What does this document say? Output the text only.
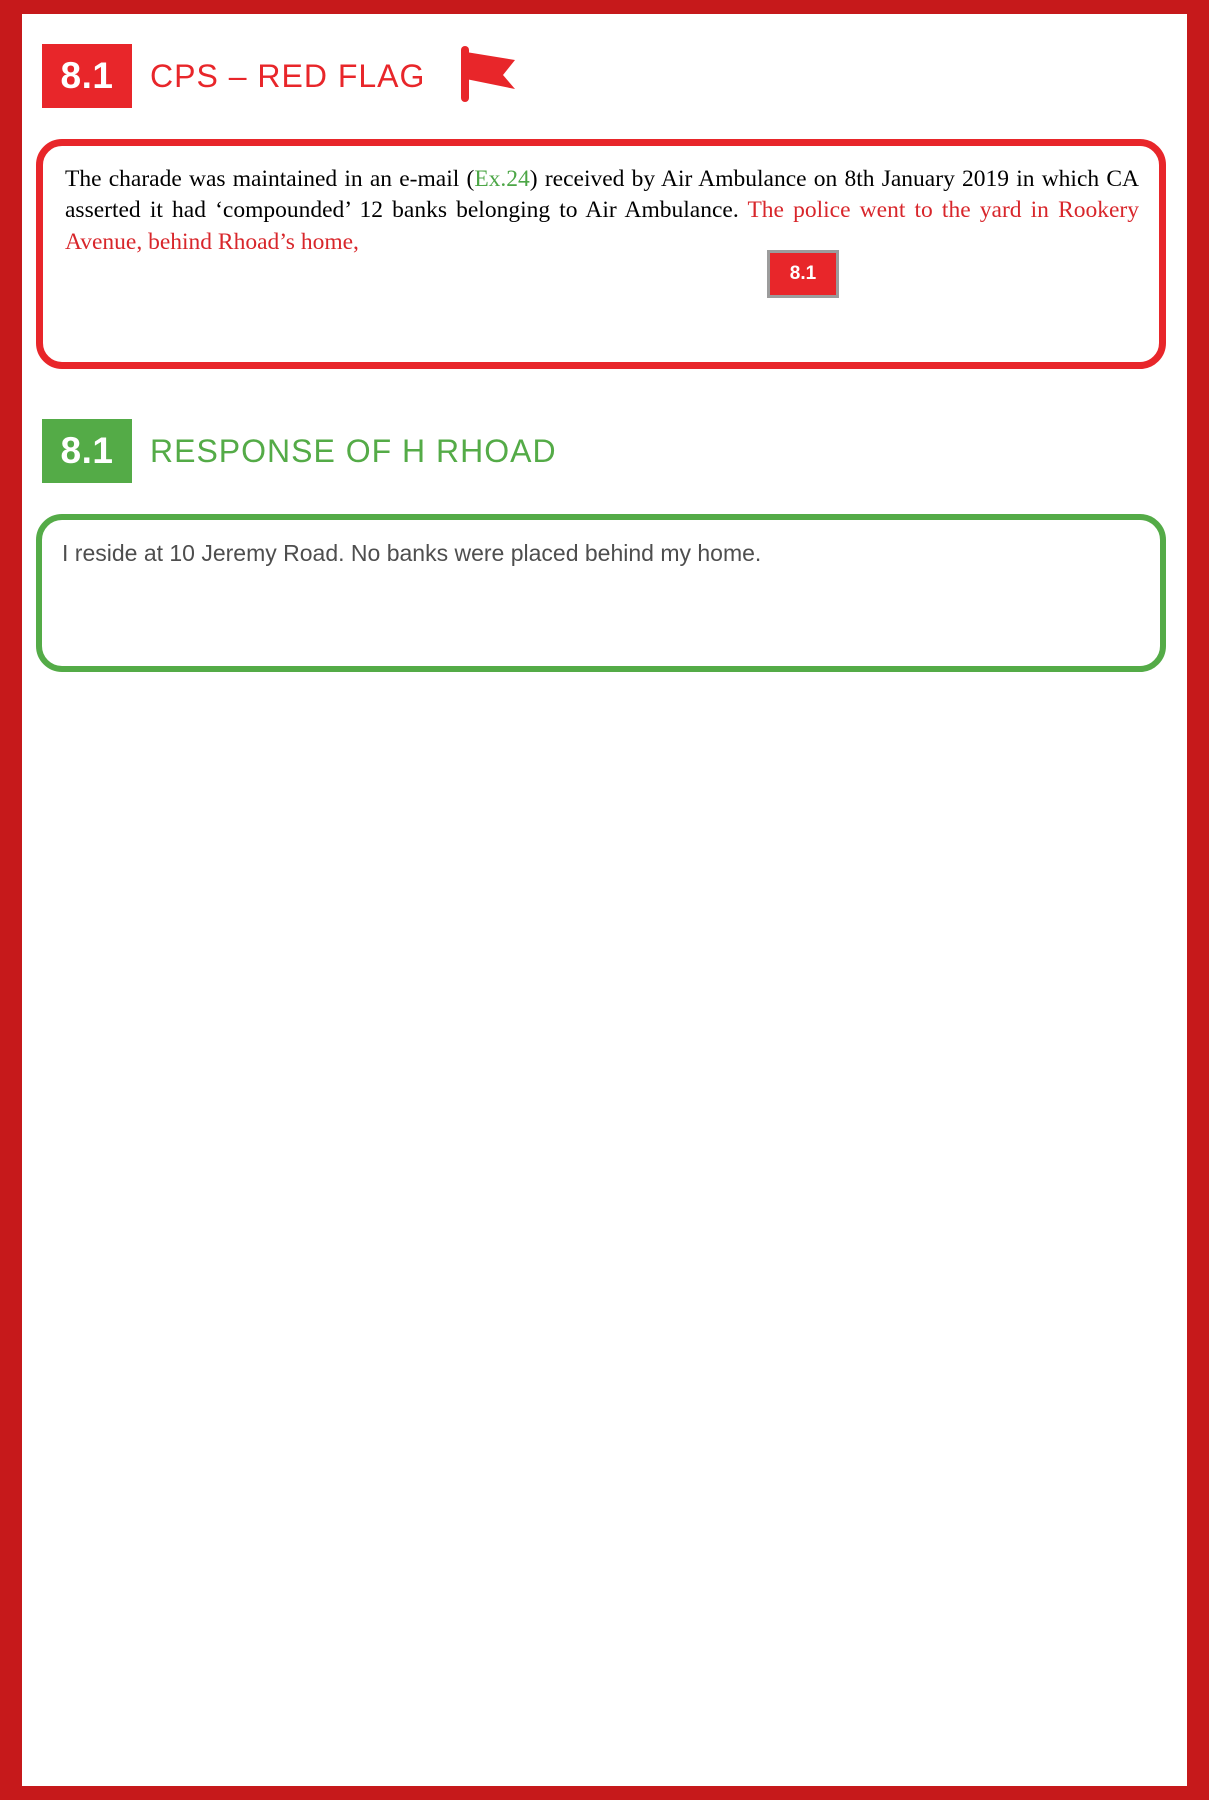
8.1	CPS – RED FLAG

The charade was maintained in an e-mail (Ex.24) received by Air Ambulance on 8th January 2019 in which CA asserted it had ‘compounded’ 12 banks belonging to Air Ambulance. The police went to the yard in Rookery Avenue, behind Rhoad’s home,

8.1
8.1	RESPONSE OF H RHOAD

I reside at 10 Jeremy Road. No banks were placed behind my home.
